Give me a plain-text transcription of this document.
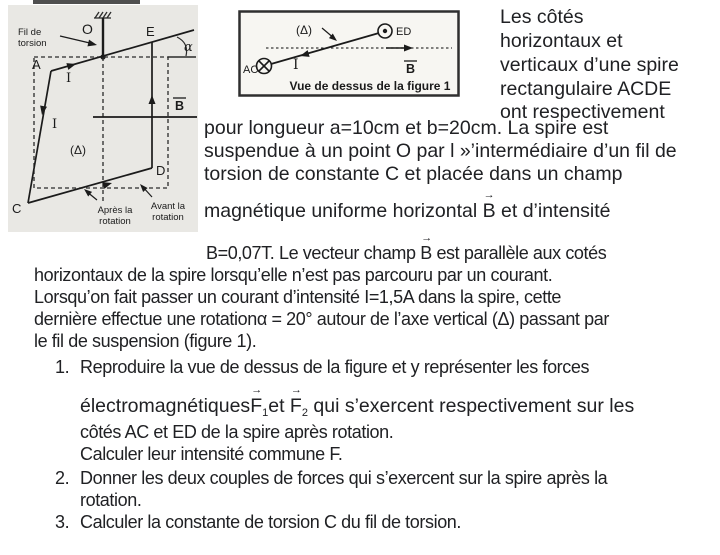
Fil de
torsion
O	E
α
A
I
I
B
(Δ)
D
C	Après la
rotation
Avant la
rotation
(Δ)	ED
AC I	B
Vue de dessus de la figure 1
Les côtés
horizontaux et
verticaux d’une spire
rectangulaire ACDE
ont respectivement
pour longueur a=10cm et b=20cm. La spire est
suspendue à un point O par l »’intermédiaire d’un fil de
torsion de constante C et placée dans un champ
magnétique uniforme horizontal
→
B et d’intensité
B=0,07T. Le vecteur champ
→
B est parallèle aux cotés
horizontaux de la spire lorsqu’elle n’est pas parcouru par un courant.
Lorsqu’on fait passer un courant d’intensité I=1,5A dans la spire, cette
dernière effectue une rotationα = 20° autour de l’axe vertical (Δ) passant par
le fil de suspension (figure 1).
1. Reproduire la vue de dessus de la figure et y représenter les forces
électromagnétiques
→
$F_1et$
→
$F_2$ qui s’exercent respectivement sur les
côtés AC et ED de la spire après rotation.
Calculer leur intensité commune F.
2. Donner les deux couples de forces qui s’exercent sur la spire après la
rotation.
3. Calculer la constante de torsion C du fil de torsion.
